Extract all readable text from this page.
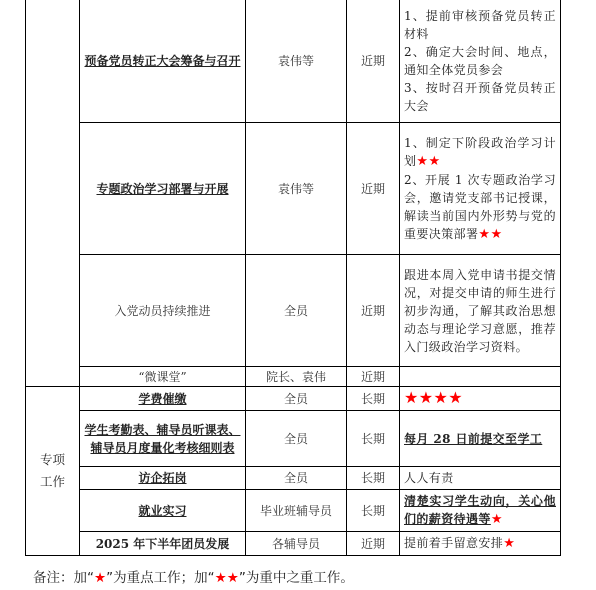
	预备党员转正大会筹备与召开	袁伟等	近期	1、提前审核预备党员转正材料
2、确定大会时间、地点，通知全体党员参会
3、按时召开预备党员转正大会

	专题政治学习部署与开展	袁伟等	近期	1、制定下阶段政治学习计划★★
2、开展 1 次专题政治学习会，邀请党支部书记授课，解读当前国内外形势与党的重要决策部署★★

	入党动员持续推进	全员	近期	跟进本周入党申请书提交情况，对提交申请的师生进行初步沟通，了解其政治思想动态与理论学习意愿，推荐入门级政治学习资料。
	“微课堂”	院长、袁伟	近期	

专项工作	学费催缴	全员	长期	★★★★
	学生考勤表、辅导员听课表、辅导员月度量化考核细则表	全员	长期	每月 28 日前提交至学工
	访企拓岗	全员	长期	人人有责
	就业实习	毕业班辅导员	长期	清楚实习学生动向，关心他们的薪资待遇等★
	2025 年下半年团员发展	各辅导员	近期	提前着手留意安排★
备注：加“★”为重点工作；加“★★”为重中之重工作。
